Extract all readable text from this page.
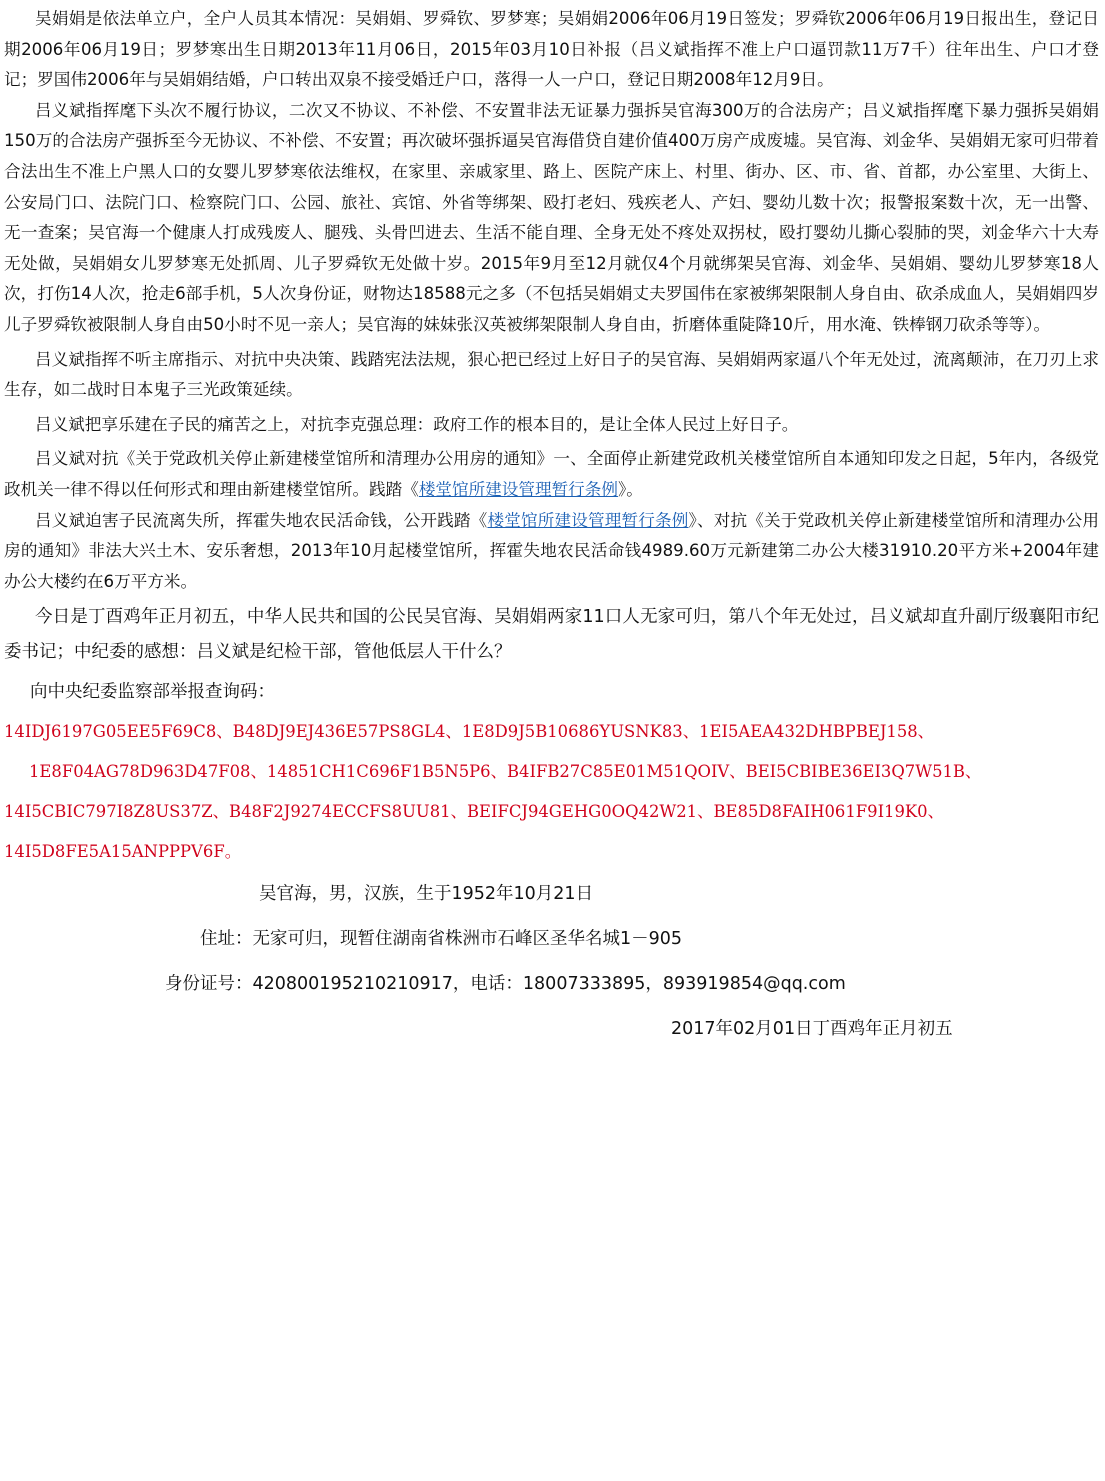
吴娟娟是依法单立户，全户人员其本情况：吴娟娟、罗舜钦、罗梦寒；吴娟娟2006年06月19日签发；罗舜钦2006年06月19日报出生，登记日期2006年06月19日；罗梦寒出生日期2013年11月06日，2015年03月10日补报（吕义斌指挥不准上户口逼罚款11万7千）往年出生、户口才登记；罗国伟2006年与吴娟娟结婚，户口转出双泉不接受婚迁户口，落得一人一户口，登记日期2008年12月9日。

吕义斌指挥麾下头次不履行协议，二次又不协议、不补偿、不安置非法无证暴力强拆吴官海300万的合法房产；吕义斌指挥麾下暴力强拆吴娟娟150万的合法房产强拆至今无协议、不补偿、不安置；再次破坏强拆逼吴官海借贷自建价值400万房产成废墟。吴官海、刘金华、吴娟娟无家可归带着合法出生不准上户黑人口的女婴儿罗梦寒依法维权，在家里、亲戚家里、路上、医院产床上、村里、街办、区、市、省、首都，办公室里、大街上、公安局门口、法院门口、检察院门口、公园、旅社、宾馆、外省等绑架、殴打老妇、残疾老人、产妇、婴幼儿数十次；报警报案数十次，无一出警、无一查案；吴官海一个健康人打成残废人、腿残、头骨凹进去、生活不能自理、全身无处不疼处双拐杖，殴打婴幼儿撕心裂肺的哭，刘金华六十大寿无处做，吴娟娟女儿罗梦寒无处抓周、儿子罗舜钦无处做十岁。2015年9月至12月就仅4个月就绑架吴官海、刘金华、吴娟娟、婴幼儿罗梦寒18人次，打伤14人次，抢走6部手机，5人次身份证，财物达18588元之多（不包括吴娟娟丈夫罗国伟在家被绑架限制人身自由、砍杀成血人，吴娟娟四岁儿子罗舜钦被限制人身自由50小时不见一亲人；吴官海的妹妹张汉英被绑架限制人身自由，折磨体重陡降10斤，用水淹、铁棒钢刀砍杀等等）。

吕义斌指挥不听主席指示、对抗中央决策、践踏宪法法规，狠心把已经过上好日子的吴官海、吴娟娟两家逼八个年无处过，流离颠沛，在刀刃上求生存，如二战时日本鬼子三光政策延续。

吕义斌把享乐建在子民的痛苦之上，对抗李克强总理：政府工作的根本目的，是让全体人民过上好日子。

吕义斌对抗《关于党政机关停止新建楼堂馆所和清理办公用房的通知》一、全面停止新建党政机关楼堂馆所自本通知印发之日起，5年内，各级党政机关一律不得以任何形式和理由新建楼堂馆所。践踏《楼堂馆所建设管理暂行条例》。

吕义斌迫害子民流离失所，挥霍失地农民活命钱，公开践踏《楼堂馆所建设管理暂行条例》、对抗《关于党政机关停止新建楼堂馆所和清理办公用房的通知》非法大兴土木、安乐奢想，2013年10月起楼堂馆所，挥霍失地农民活命钱4989.60万元新建第二办公大楼31910.20平方米+2004年建办公大楼约在6万平方米。

今日是丁酉鸡年正月初五，中华人民共和国的公民吴官海、吴娟娟两家11口人无家可归，第八个年无处过，吕义斌却直升副厅级襄阳市纪委书记；中纪委的感想：吕义斌是纪检干部，管他低层人干什么？

向中央纪委监察部举报查询码：

14IDJ6197G05EE5F69C8、B48DJ9EJ436E57PS8GL4、1E8D9J5B10686YUSNK83、1EI5AEA432DHBPBEJ158、
1E8F04AG78D963D47F08、14851CH1C696F1B5N5P6、B4IFB27C85E01M51QOIV、BEI5CBIBE36EI3Q7W51B、
14I5CBIC797I8Z8US37Z、B48F2J9274ECCFS8UU81、BEIFCJ94GEHG0OQ42W21、BE85D8FAIH061F9I19K0、
14I5D8FE5A15ANPPPV6F。
吴官海，男，汉族，生于1952年10月21日
住址：无家可归，现暂住湖南省株洲市石峰区圣华名城1－905
身份证号：420800195210210917，电话：18007333895，893919854@qq.com
2017年02月01日丁酉鸡年正月初五
